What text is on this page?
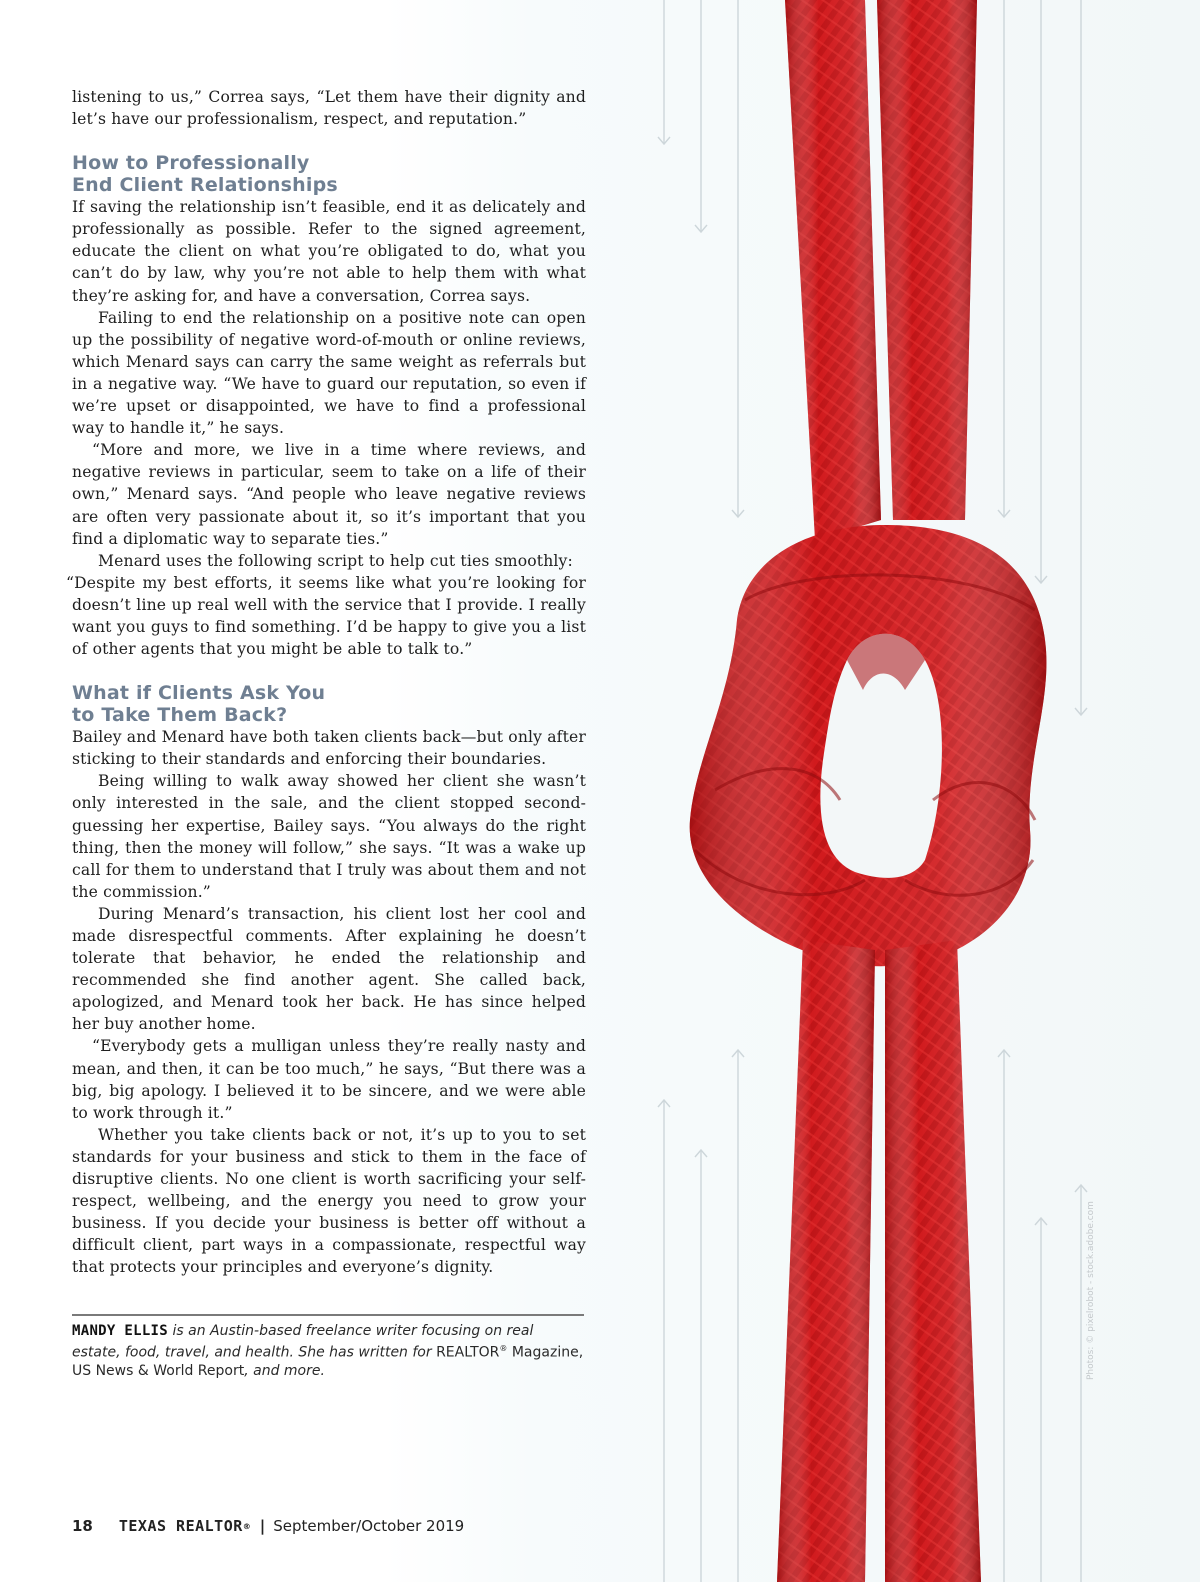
listening to us,” Correa says, “Let them have their dignity and let’s have our professionalism, respect, and reputation.”

How to Professionally
End Client Relationships

If saving the relationship isn’t feasible, end it as delicately and professionally as possible. Refer to the signed agreement, educate the client on what you’re obligated to do, what you can’t do by law, why you’re not able to help them with what they’re asking for, and have a conversation, Correa says.

Failing to end the relationship on a positive note can open up the possibility of negative word-of-mouth or online reviews, which Menard says can carry the same weight as referrals but in a negative way. “We have to guard our reputation, so even if we’re upset or disappointed, we have to find a professional way to handle it,” he says.

“More and more, we live in a time where reviews, and negative reviews in particular, seem to take on a life of their own,” Menard says. “And people who leave negative reviews are often very passionate about it, so it’s important that you find a diplomatic way to separate ties.”

Menard uses the following script to help cut ties smoothly:

“Despite my best efforts, it seems like what you’re looking for doesn’t line up real well with the service that I provide. I really want you guys to find something. I’d be happy to give you a list of other agents that you might be able to talk to.”

What if Clients Ask You
to Take Them Back?

Bailey and Menard have both taken clients back—but only after sticking to their standards and enforcing their boundaries.

Being willing to walk away showed her client she wasn’t only interested in the sale, and the client stopped second-guessing her expertise, Bailey says. “You always do the right thing, then the money will follow,” she says. “It was a wake up call for them to understand that I truly was about them and not the commission.”

During Menard’s transaction, his client lost her cool and made disrespectful comments. After explaining he doesn’t tolerate that behavior, he ended the relationship and recommended she find another agent. She called back, apologized, and Menard took her back. He has since helped her buy another home.

“Everybody gets a mulligan unless they’re really nasty and mean, and then, it can be too much,” he says, “But there was a big, big apology. I believed it to be sincere, and we were able to work through it.”

Whether you take clients back or not, it’s up to you to set standards for your business and stick to them in the face of disruptive clients. No one client is worth sacrificing your self-respect, wellbeing, and the energy you need to grow your business. If you decide your business is better off without a difficult client, part ways in a compassionate, respectful way that protects your principles and everyone’s dignity.

MANDY ELLIS is an Austin-based freelance writer focusing on real estate, food, travel, and health. She has written for REALTOR® Magazine, US News & World Report, and more.
18 TEXAS REALTOR ® | September/October 2019
Photos: © pixelrobot - stock.adobe.com
